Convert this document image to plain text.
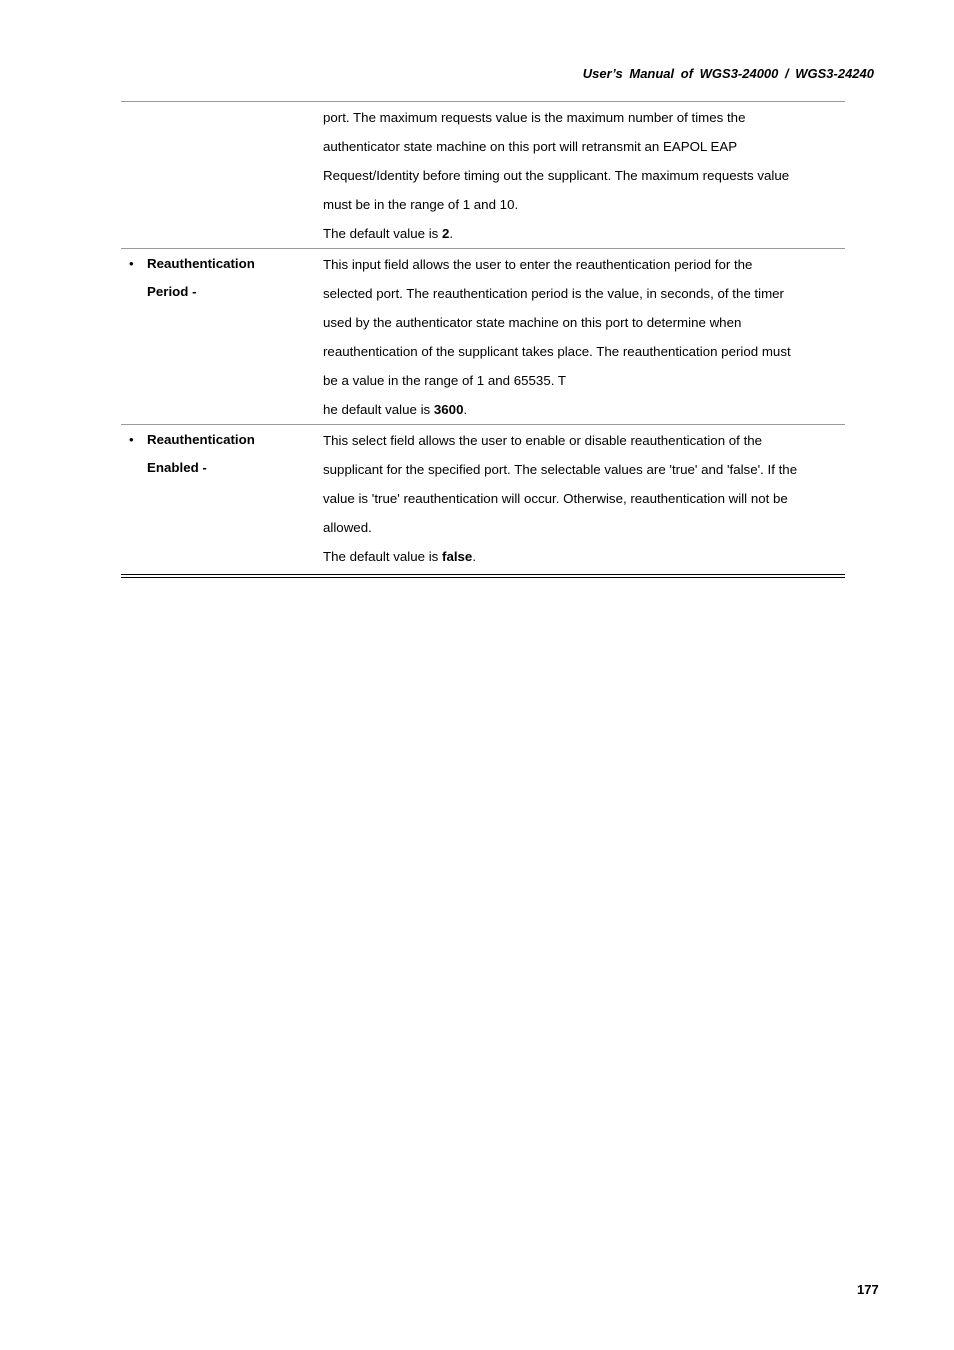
User’s Manual of WGS3-24000 / WGS3-24240
port. The maximum requests value is the maximum number of times the
authenticator state machine on this port will retransmit an EAPOL EAP
Request/Identity before timing out the supplicant. The maximum requests value
must be in the range of 1 and 10.
The default value is 2.
•	Reauthentication
Period -
This input field allows the user to enter the reauthentication period for the
selected port. The reauthentication period is the value, in seconds, of the timer
used by the authenticator state machine on this port to determine when
reauthentication of the supplicant takes place. The reauthentication period must
be a value in the range of 1 and 65535. T
he default value is 3600.
•	Reauthentication
Enabled -
This select field allows the user to enable or disable reauthentication of the
supplicant for the specified port. The selectable values are 'true' and 'false'. If the
value is 'true' reauthentication will occur. Otherwise, reauthentication will not be
allowed.
The default value is false.
177
